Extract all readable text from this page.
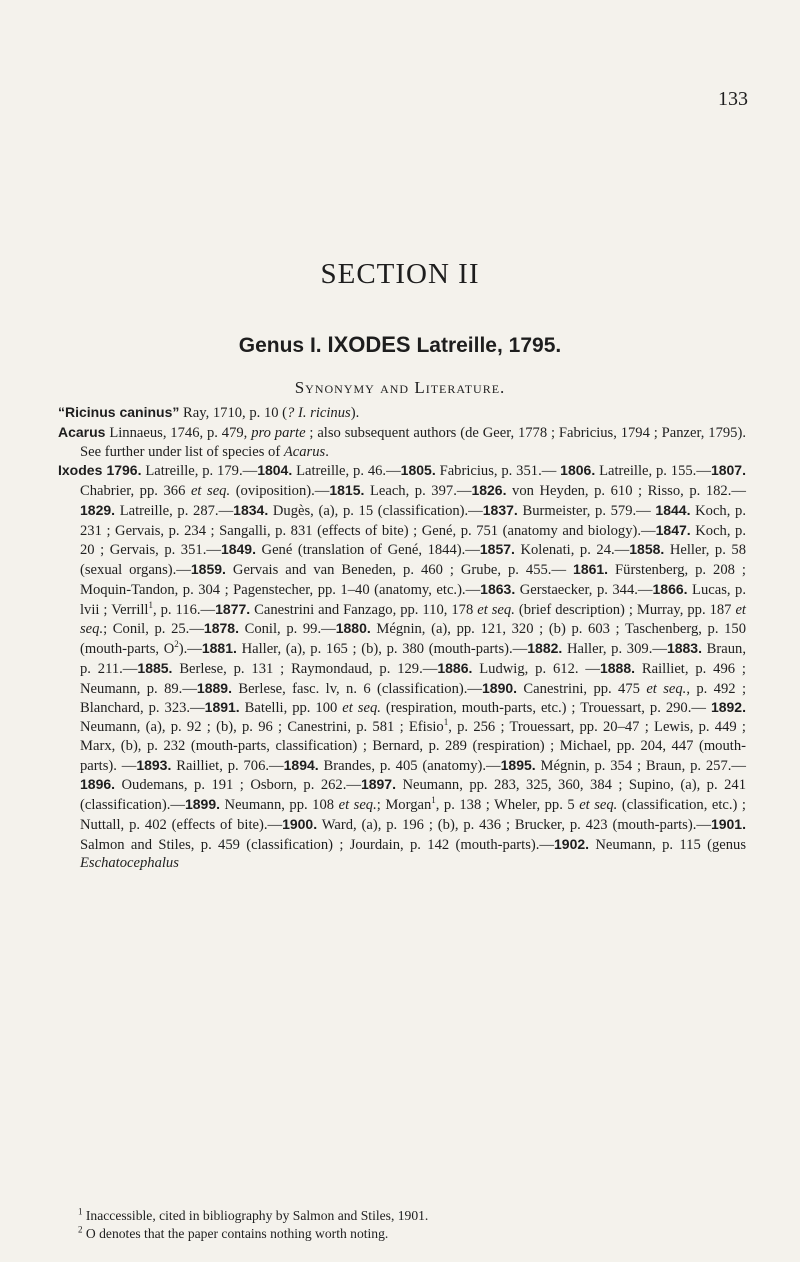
133
SECTION II
Genus I. IXODES Latreille, 1795.
Synonymy and Literature.

“Ricinus caninus” Ray, 1710, p. 10 (? I. ricinus).

Acarus Linnaeus, 1746, p. 479, pro parte ; also subsequent authors (de Geer, 1778 ; Fabricius, 1794 ; Panzer, 1795). See further under list of species of Acarus.

Ixodes 1796. Latreille, p. 179.—1804. Latreille, p. 46.—1805. Fabricius, p. 351.— 1806. Latreille, p. 155.—1807. Chabrier, pp. 366 et seq. (oviposition).—1815. Leach, p. 397.—1826. von Heyden, p. 610 ; Risso, p. 182.—1829. Latreille, p. 287.—1834. Dugès, (a), p. 15 (classification).—1837. Burmeister, p. 579.— 1844. Koch, p. 231 ; Gervais, p. 234 ; Sangalli, p. 831 (effects of bite) ; Gené, p. 751 (anatomy and biology).—1847. Koch, p. 20 ; Gervais, p. 351.—1849. Gené (translation of Gené, 1844).—1857. Kolenati, p. 24.—1858. Heller, p. 58 (sexual organs).—1859. Gervais and van Beneden, p. 460 ; Grube, p. 455.— 1861. Fürstenberg, p. 208 ; Moquin-Tandon, p. 304 ; Pagenstecher, pp. 1–40 (anatomy, etc.).—1863. Gerstaecker, p. 344.—1866. Lucas, p. lvii ; Verrill$^1$, p. 116.—1877. Canestrini and Fanzago, pp. 110, 178 et seq. (brief description) ; Murray, pp. 187 et seq.; Conil, p. 25.—1878. Conil, p. 99.—1880. Mégnin, (a), pp. 121, 320 ; (b) p. 603 ; Taschenberg, p. 150 (mouth-parts, $O^2).—1881$. Haller, (a), p. 165 ; (b), p. 380 (mouth-parts).—1882. Haller, p. 309.—1883. Braun, p. 211.—1885. Berlese, p. 131 ; Raymondaud, p. 129.—1886. Ludwig, p. 612. —1888. Railliet, p. 496 ; Neumann, p. 89.—1889. Berlese, fasc. lv, n. 6 (classification).—1890. Canestrini, pp. 475 et seq., p. 492 ; Blanchard, p. 323.—1891. Batelli, pp. 100 et seq. (respiration, mouth-parts, etc.) ; Trouessart, p. 290.— 1892. Neumann, (a), p. 92 ; (b), p. 96 ; Canestrini, p. 581 ; Efisio$^1$, p. 256 ; Trouessart, pp. 20–47 ; Lewis, p. 449 ; Marx, (b), p. 232 (mouth-parts, classification) ; Bernard, p. 289 (respiration) ; Michael, pp. 204, 447 (mouth-parts). —1893. Railliet, p. 706.—1894. Brandes, p. 405 (anatomy).—1895. Mégnin, p. 354 ; Braun, p. 257.—1896. Oudemans, p. 191 ; Osborn, p. 262.—1897. Neumann, pp. 283, 325, 360, 384 ; Supino, (a), p. 241 (classification).—1899. Neumann, pp. 108 et seq.; Morgan$^1$, p. 138 ; Wheler, pp. 5 et seq. (classification, etc.) ; Nuttall, p. 402 (effects of bite).—1900. Ward, (a), p. 196 ; (b), p. 436 ; Brucker, p. 423 (mouth-parts).—1901. Salmon and Stiles, p. 459 (classification) ; Jourdain, p. 142 (mouth-parts).—1902. Neumann, p. 115 (genus Eschatocephalus

$^1$ Inaccessible, cited in bibliography by Salmon and Stiles, 1901.

$^2$ O denotes that the paper contains nothing worth noting.
